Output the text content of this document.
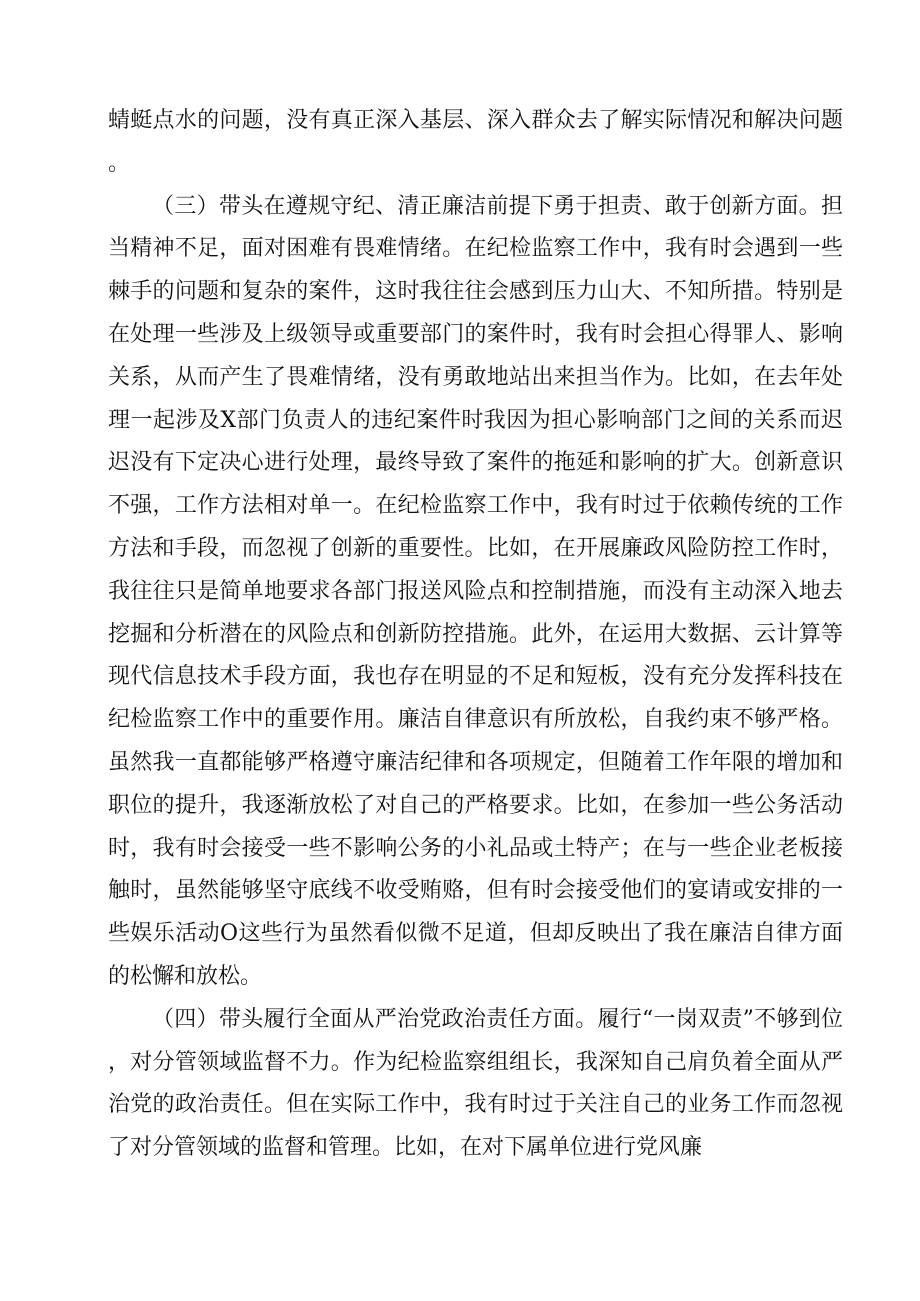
蜻蜓点水的问题，没有真正深入基层、深入群众去了解实际情况和解决问题。

（三）带头在遵规守纪、清正廉洁前提下勇于担责、敢于创新方面。担当精神不足，面对困难有畏难情绪。在纪检监察工作中，我有时会遇到一些棘手的问题和复杂的案件，这时我往往会感到压力山大、不知所措。特别是在处理一些涉及上级领导或重要部门的案件时，我有时会担心得罪人、影响关系，从而产生了畏难情绪，没有勇敢地站出来担当作为。比如，在去年处理一起涉及X部门负责人的违纪案件时我因为担心影响部门之间的关系而迟迟没有下定决心进行处理，最终导致了案件的拖延和影响的扩大。创新意识不强，工作方法相对单一。在纪检监察工作中，我有时过于依赖传统的工作方法和手段，而忽视了创新的重要性。比如，在开展廉政风险防控工作时，我往往只是简单地要求各部门报送风险点和控制措施，而没有主动深入地去挖掘和分析潜在的风险点和创新防控措施。此外，在运用大数据、云计算等现代信息技术手段方面，我也存在明显的不足和短板，没有充分发挥科技在纪检监察工作中的重要作用。廉洁自律意识有所放松，自我约束不够严格。虽然我一直都能够严格遵守廉洁纪律和各项规定，但随着工作年限的增加和职位的提升，我逐渐放松了对自己的严格要求。比如，在参加一些公务活动时，我有时会接受一些不影响公务的小礼品或土特产；在与一些企业老板接触时，虽然能够坚守底线不收受贿赂，但有时会接受他们的宴请或安排的一些娱乐活动O这些行为虽然看似微不足道，但却反映出了我在廉洁自律方面的松懈和放松。

（四）带头履行全面从严治党政治责任方面。履行“一岗双责”不够到位，对分管领域监督不力。作为纪检监察组组长，我深知自己肩负着全面从严治党的政治责任。但在实际工作中，我有时过于关注自己的业务工作而忽视了对分管领域的监督和管理。比如，在对下属单位进行党风廉
